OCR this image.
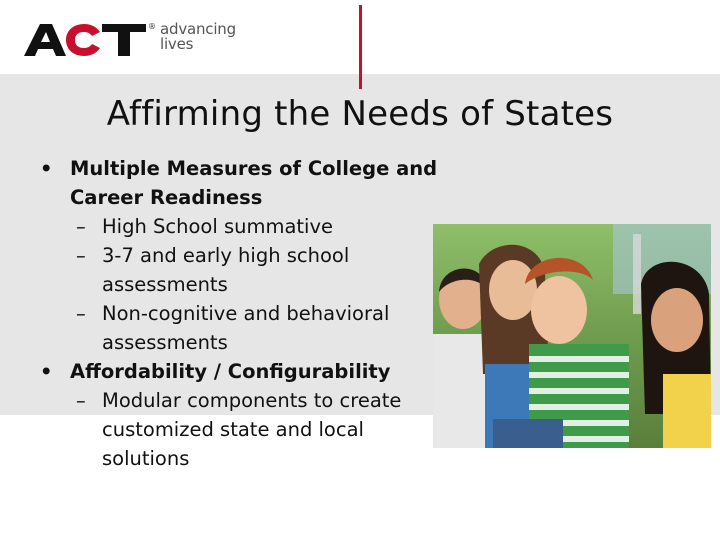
® advancing
lives
Affirming the Needs of States
• Multiple Measures of College and Career Readiness
– High School summative
– 3-7 and early high school assessments
– Non-cognitive and behavioral assessments
• Affordability / Configurability
– Modular components to create customized state and local solutions
